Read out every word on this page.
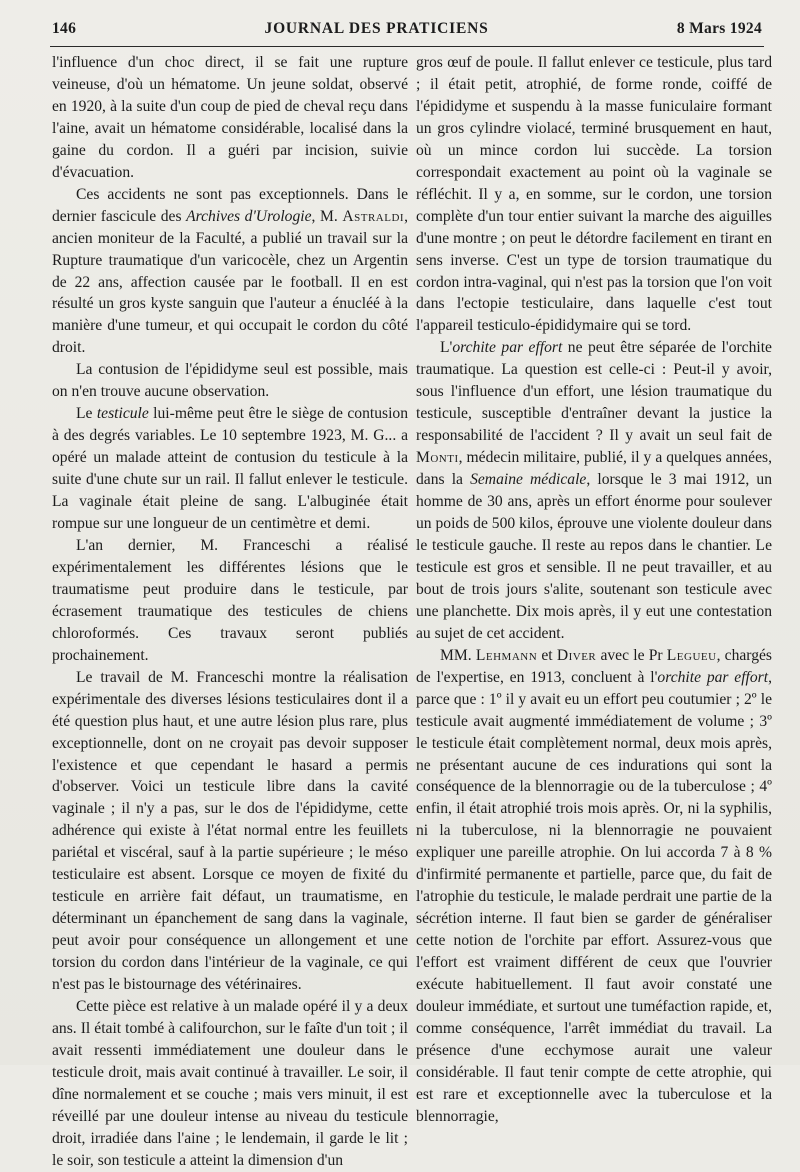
146	JOURNAL DES PRATICIENS	8 Mars 1924

l'influence d'un choc direct, il se fait une rupture veineuse, d'où un hématome. Un jeune soldat, observé en 1920, à la suite d'un coup de pied de cheval reçu dans l'aine, avait un hématome considérable, localisé dans la gaine du cordon. Il a guéri par incision, suivie d'évacuation.

Ces accidents ne sont pas exceptionnels. Dans le dernier fascicule des Archives d'Urologie, M. Astraldi, ancien moniteur de la Faculté, a publié un travail sur la Rupture traumatique d'un varicocèle, chez un Argentin de 22 ans, affection causée par le football. Il en est résulté un gros kyste sanguin que l'auteur a énucléé à la manière d'une tumeur, et qui occupait le cordon du côté droit.

La contusion de l'épididyme seul est possible, mais on n'en trouve aucune observation.

Le testicule lui-même peut être le siège de contusion à des degrés variables. Le 10 septembre 1923, M. G... a opéré un malade atteint de contusion du testicule à la suite d'une chute sur un rail. Il fallut enlever le testicule. La vaginale était pleine de sang. L'albuginée était rompue sur une longueur de un centimètre et demi.

L'an dernier, M. Franceschi a réalisé expérimentalement les différentes lésions que le traumatisme peut produire dans le testicule, par écrasement traumatique des testicules de chiens chloroformés. Ces travaux seront publiés prochainement.

Le travail de M. Franceschi montre la réalisation expérimentale des diverses lésions testiculaires dont il a été question plus haut, et une autre lésion plus rare, plus exceptionnelle, dont on ne croyait pas devoir supposer l'existence et que cependant le hasard a permis d'observer. Voici un testicule libre dans la cavité vaginale ; il n'y a pas, sur le dos de l'épididyme, cette adhérence qui existe à l'état normal entre les feuillets pariétal et viscéral, sauf à la partie supérieure ; le méso testiculaire est absent. Lorsque ce moyen de fixité du testicule en arrière fait défaut, un traumatisme, en déterminant un épanchement de sang dans la vaginale, peut avoir pour conséquence un allongement et une torsion du cordon dans l'intérieur de la vaginale, ce qui n'est pas le bistournage des vétérinaires.

Cette pièce est relative à un malade opéré il y a deux ans. Il était tombé à califourchon, sur le faîte d'un toit ; il avait ressenti immédiatement une douleur dans le testicule droit, mais avait continué à travailler. Le soir, il dîne normalement et se couche ; mais vers minuit, il est réveillé par une douleur intense au niveau du testicule droit, irradiée dans l'aine ; le lendemain, il garde le lit ; le soir, son testicule a atteint la dimension d'un

gros œuf de poule. Il fallut enlever ce testicule, plus tard ; il était petit, atrophié, de forme ronde, coiffé de l'épididyme et suspendu à la masse funiculaire formant un gros cylindre violacé, terminé brusquement en haut, où un mince cordon lui succède. La torsion correspondait exactement au point où la vaginale se réfléchit. Il y a, en somme, sur le cordon, une torsion complète d'un tour entier suivant la marche des aiguilles d'une montre ; on peut le détordre facilement en tirant en sens inverse. C'est un type de torsion traumatique du cordon intra-vaginal, qui n'est pas la torsion que l'on voit dans l'ectopie testiculaire, dans laquelle c'est tout l'appareil testiculo-épididymaire qui se tord.

L'orchite par effort ne peut être séparée de l'orchite traumatique. La question est celle-ci : Peut-il y avoir, sous l'influence d'un effort, une lésion traumatique du testicule, susceptible d'entraîner devant la justice la responsabilité de l'accident ? Il y avait un seul fait de Monti, médecin militaire, publié, il y a quelques années, dans la Semaine médicale, lorsque le 3 mai 1912, un homme de 30 ans, après un effort énorme pour soulever un poids de 500 kilos, éprouve une violente douleur dans le testicule gauche. Il reste au repos dans le chantier. Le testicule est gros et sensible. Il ne peut travailler, et au bout de trois jours s'alite, soutenant son testicule avec une planchette. Dix mois après, il y eut une contestation au sujet de cet accident.

MM. Lehmann et Diver avec le Pr Legueu, chargés de l'expertise, en 1913, concluent à l'orchite par effort, parce que : 1º il y avait eu un effort peu coutumier ; 2º le testicule avait augmenté immédiatement de volume ; 3º le testicule était complètement normal, deux mois après, ne présentant aucune de ces indurations qui sont la conséquence de la blennorragie ou de la tuberculose ; 4º enfin, il était atrophié trois mois après. Or, ni la syphilis, ni la tuberculose, ni la blennorragie ne pouvaient expliquer une pareille atrophie. On lui accorda 7 à 8 % d'infirmité permanente et partielle, parce que, du fait de l'atrophie du testicule, le malade perdrait une partie de la sécrétion interne. Il faut bien se garder de généraliser cette notion de l'orchite par effort. Assurez-vous que l'effort est vraiment différent de ceux que l'ouvrier exécute habituellement. Il faut avoir constaté une douleur immédiate, et surtout une tuméfaction rapide, et, comme conséquence, l'arrêt immédiat du travail. La présence d'une ecchymose aurait une valeur considérable. Il faut tenir compte de cette atrophie, qui est rare et exceptionnelle avec la tuberculose et la blennorragie,
